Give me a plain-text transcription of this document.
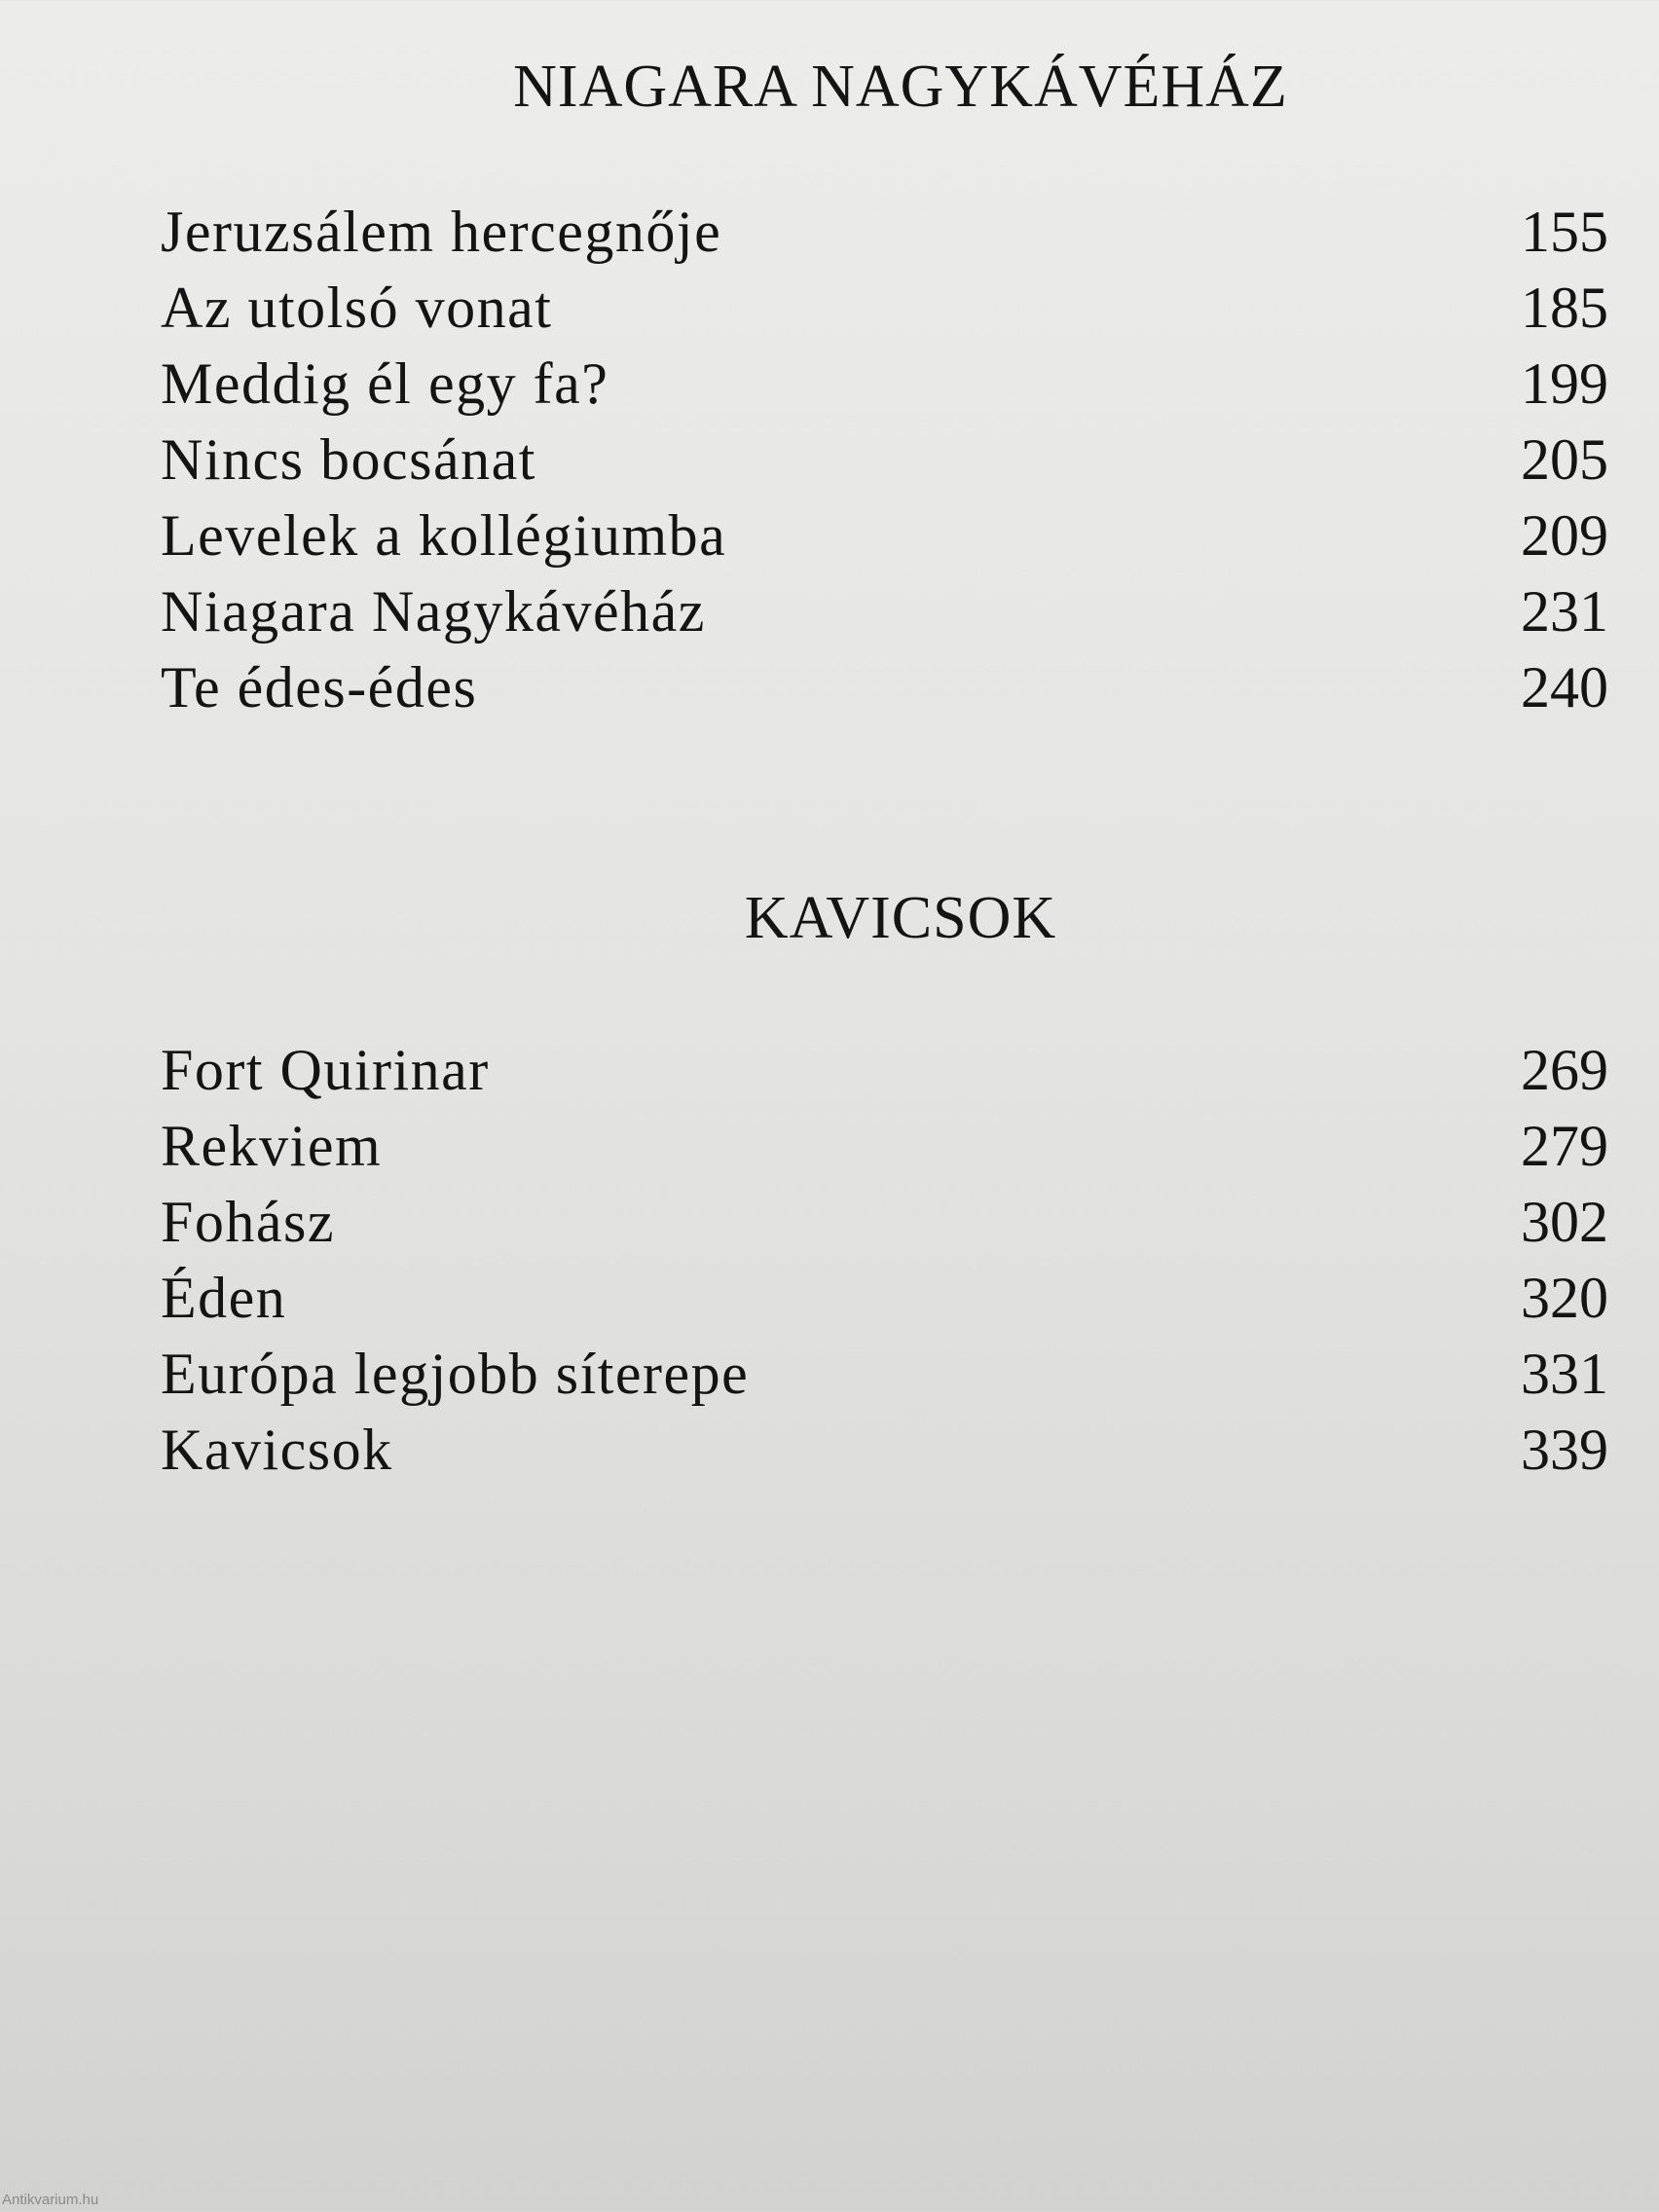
NIAGARA NAGYKÁVÉHÁZ
Jeruzsálem hercegnője	155
Az utolsó vonat	185
Meddig él egy fa?	199
Nincs bocsánat	205
Levelek a kollégiumba	209
Niagara Nagykávéház	231
Te édes-édes	240
KAVICSOK
Fort Quirinar	269
Rekviem	279
Fohász	302
Éden	320
Európa legjobb síterepe	331
Kavicsok	339
Antikvarium.hu
